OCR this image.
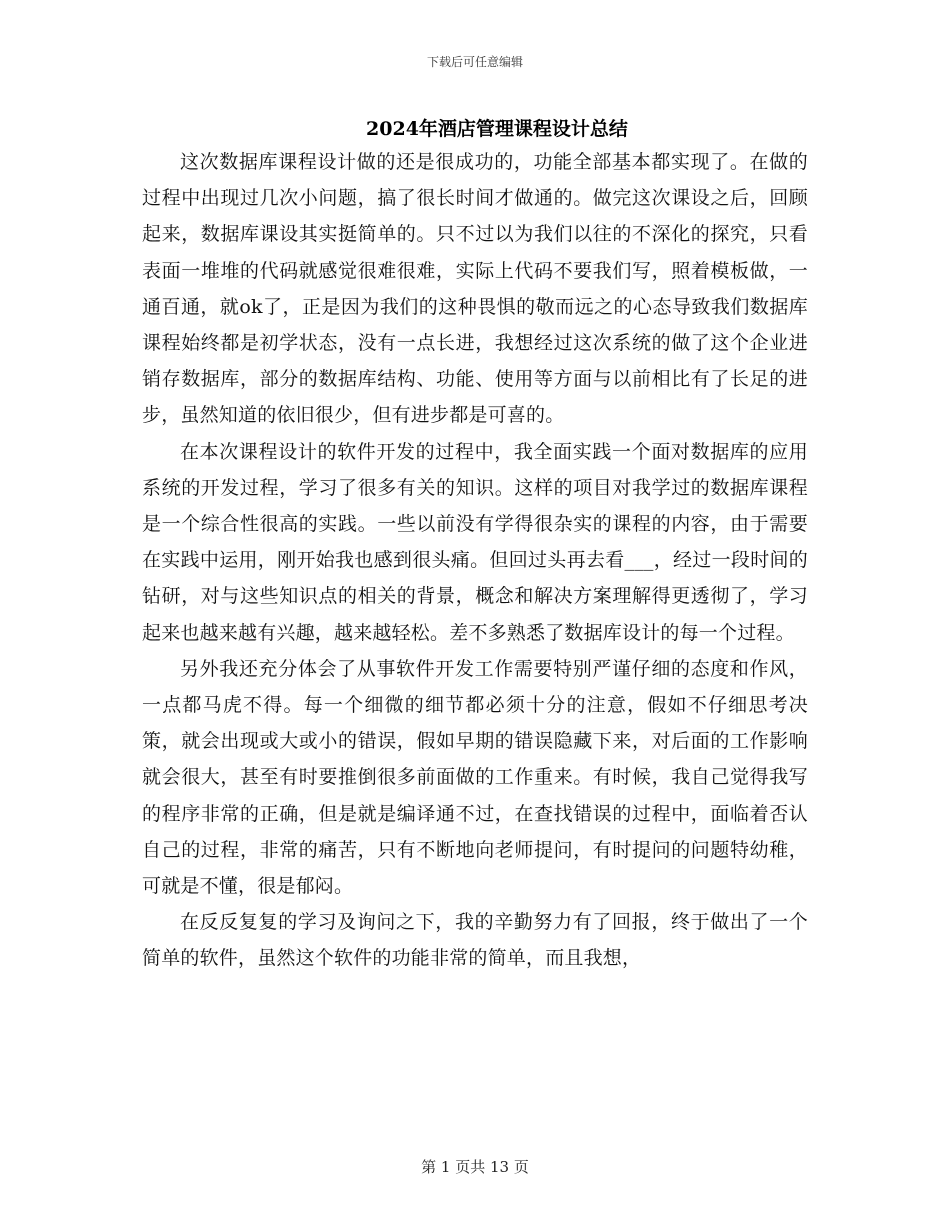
下载后可任意编辑
2024年酒店管理课程设计总结

这次数据库课程设计做的还是很成功的，功能全部基本都实现了。在做的过程中出现过几次小问题，搞了很长时间才做通的。做完这次课设之后，回顾起来，数据库课设其实挺简单的。只不过以为我们以往的不深化的探究，只看表面一堆堆的代码就感觉很难很难，实际上代码不要我们写，照着模板做，一通百通，就ok了，正是因为我们的这种畏惧的敬而远之的心态导致我们数据库课程始终都是初学状态，没有一点长进，我想经过这次系统的做了这个企业进销存数据库，部分的数据库结构、功能、使用等方面与以前相比有了长足的进步，虽然知道的依旧很少，但有进步都是可喜的。

在本次课程设计的软件开发的过程中，我全面实践一个面对数据库的应用系统的开发过程，学习了很多有关的知识。这样的项目对我学过的数据库课程是一个综合性很高的实践。一些以前没有学得很杂实的课程的内容，由于需要在实践中运用，刚开始我也感到很头痛。但回过头再去看___，经过一段时间的钻研，对与这些知识点的相关的背景，概念和解决方案理解得更透彻了，学习起来也越来越有兴趣，越来越轻松。差不多熟悉了数据库设计的每一个过程。

另外我还充分体会了从事软件开发工作需要特别严谨仔细的态度和作风，一点都马虎不得。每一个细微的细节都必须十分的注意，假如不仔细思考决策，就会出现或大或小的错误，假如早期的错误隐藏下来，对后面的工作影响就会很大，甚至有时要推倒很多前面做的工作重来。有时候，我自己觉得我写的程序非常的正确，但是就是编译通不过，在查找错误的过程中，面临着否认自己的过程，非常的痛苦，只有不断地向老师提问，有时提问的问题特幼稚，可就是不懂，很是郁闷。

在反反复复的学习及询问之下，我的辛勤努力有了回报，终于做出了一个简单的软件，虽然这个软件的功能非常的简单，而且我想，

第 1 页共 13 页
